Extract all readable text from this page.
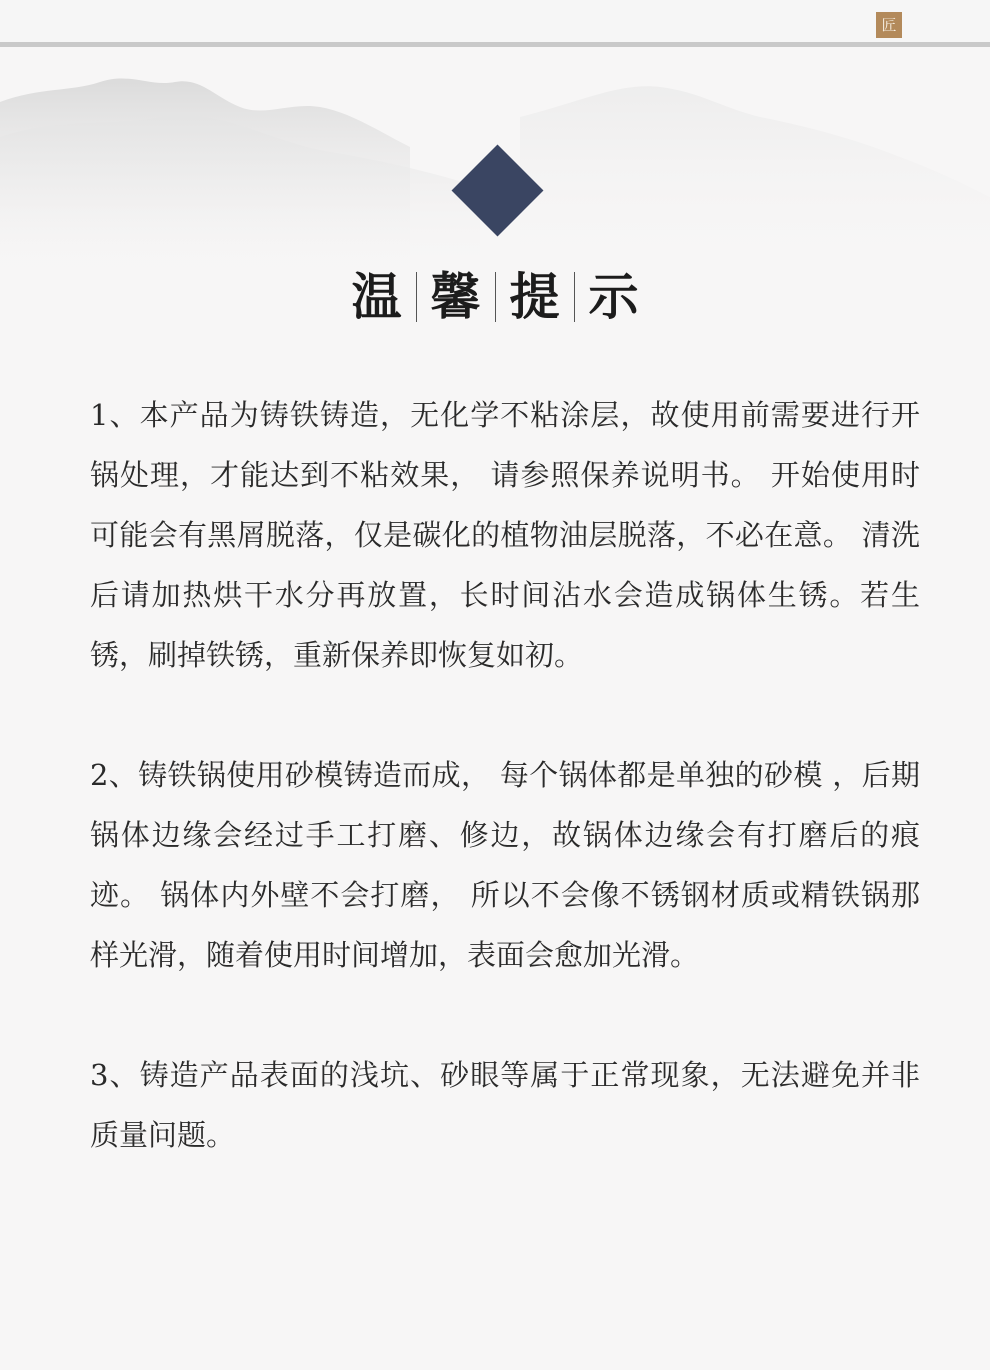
匠
温 馨 提 示

1、本产品为铸铁铸造，无化学不粘涂层，故使用前需要进行开锅处理，才能达到不粘效果， 请参照保养说明书。 开始使用时可能会有黑屑脱落，仅是碳化的植物油层脱落，不必在意。 清洗后请加热烘干水分再放置，长时间沾水会造成锅体生锈。若生锈，刷掉铁锈，重新保养即恢复如初。

2、铸铁锅使用砂模铸造而成， 每个锅体都是单独的砂模 ，后期锅体边缘会经过手工打磨、修边，故锅体边缘会有打磨后的痕迹。 锅体内外壁不会打磨， 所以不会像不锈钢材质或精铁锅那样光滑，随着使用时间增加，表面会愈加光滑。

3、铸造产品表面的浅坑、砂眼等属于正常现象，无法避免并非质量问题。
